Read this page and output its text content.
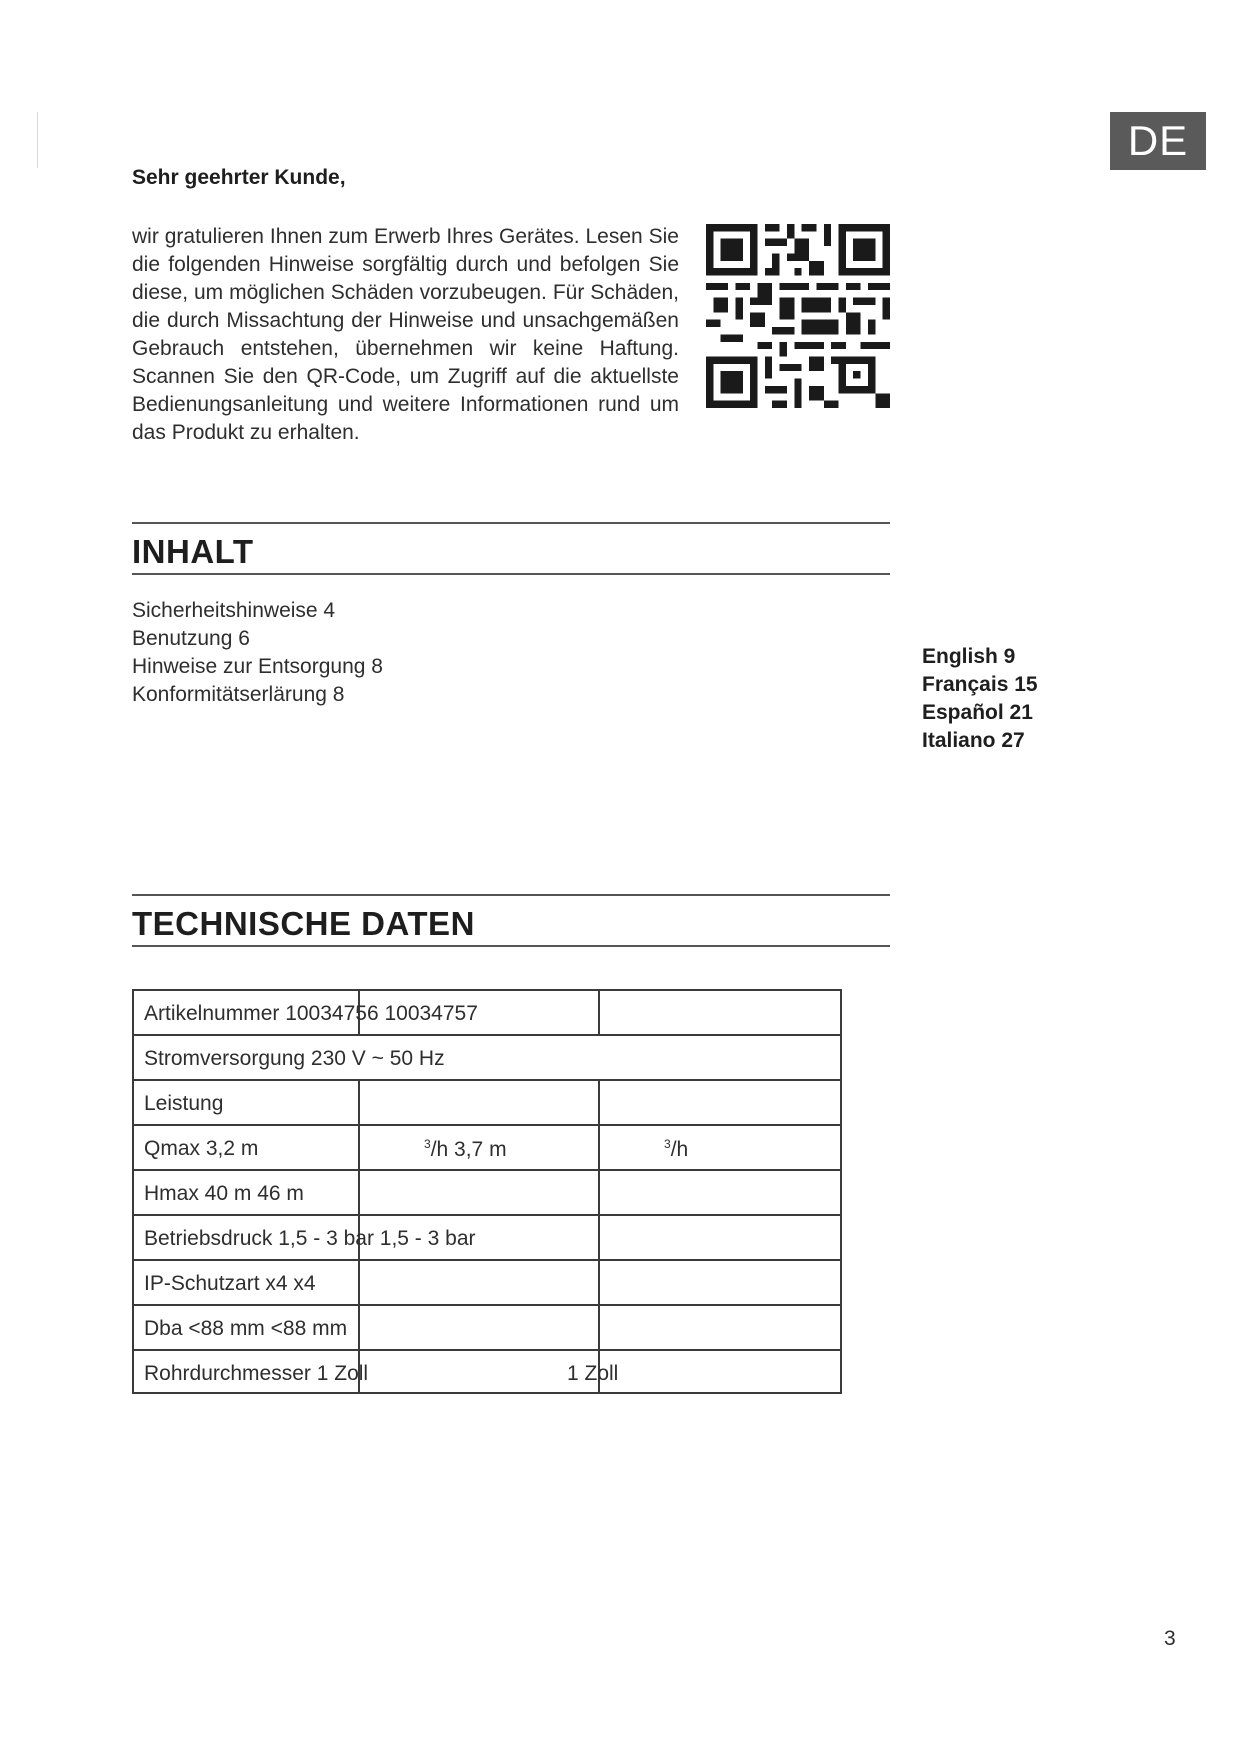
DE
Sehr geehrter Kunde,
wir gratulieren Ihnen zum Erwerb Ihres Gerätes. Lesen Sie die folgenden Hinweise sorgfältig durch und befolgen Sie diese, um möglichen Schäden vorzubeugen. Für Schäden, die durch Missachtung der Hinweise und unsachgemäßen Gebrauch entstehen, übernehmen wir keine Haftung. Scannen Sie den QR-Code, um Zugriff auf die aktuellste Bedienungsanleitung und weitere Informationen rund um das Produkt zu erhalten.
INHALT
Sicherheitshinweise 4
Benutzung 6
Hinweise zur Entsorgung 8
Konformitätserlärung 8
English 9
Français 15
Español 21
Italiano 27
TECHNISCHE DATEN
Artikelnummer 10034756 10034757
Stromversorgung 230 V ~ 50 Hz
Leistung
Qmax 3,2 m	$^3$/h 3,7 m	$^3$/h
Hmax 40 m 46 m
Betriebsdruck 1,5 - 3 bar 1,5 - 3 bar
IP-Schutzart x4 x4
Dba <88 mm <88 mm
Rohrdurchmesser 1 Zoll	1 Zoll
3
